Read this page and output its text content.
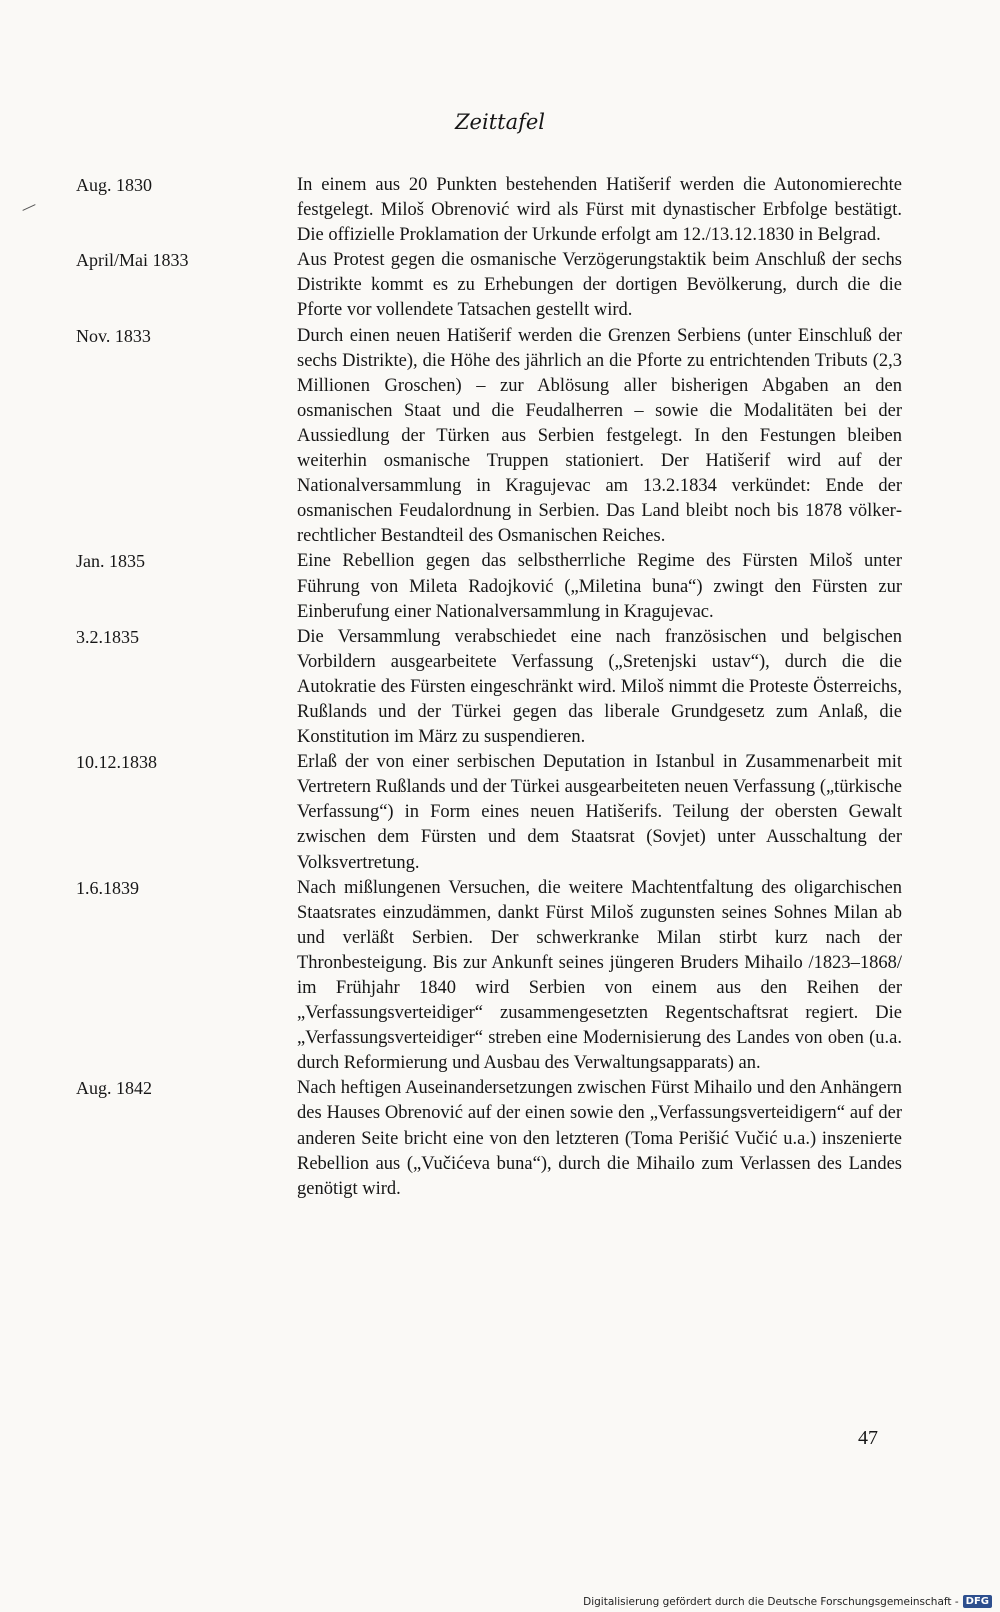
Zeittafel
Aug. 1830	In einem aus 20 Punkten bestehenden Hatišerif werden die Autonomierechte festgelegt. Miloš Obrenović wird als Fürst mit dynastischer Erbfolge bestätigt. Die offizielle Proklamation der Urkunde erfolgt am 12./13.12.1830 in Belgrad.

April/Mai 1833	Aus Protest gegen die osmanische Verzögerungstaktik beim Anschluß der sechs Distrikte kommt es zu Erhebungen der dortigen Bevölkerung, durch die die Pforte vor vollendete Tatsachen gestellt wird.

Nov. 1833	Durch einen neuen Hatišerif werden die Grenzen Serbiens (unter Einschluß der sechs Distrikte), die Höhe des jährlich an die Pforte zu entrichtenden Tributs (2,3 Millionen Groschen) – zur Ablösung aller bisherigen Abgaben an den osmanischen Staat und die Feudalherren – sowie die Modalitäten bei der Aussiedlung der Türken aus Serbien festgelegt. In den Festungen bleiben weiterhin osmanische Truppen stationiert. Der Hatišerif wird auf der Nationalversammlung in Kragujevac am 13.2.1834 verkündet: Ende der osmanischen Feudalordnung in Serbien. Das Land bleibt noch bis 1878 völkerrechtlicher Bestandteil des Osmanischen Reiches.

Jan. 1835	Eine Rebellion gegen das selbstherrliche Regime des Fürsten Miloš unter Führung von Mileta Radojković („Miletina buna“) zwingt den Fürsten zur Einberufung einer Nationalversammlung in Kragujevac.

3.2.1835	Die Versammlung verabschiedet eine nach französischen und belgischen Vorbildern ausgearbeitete Verfassung („Sretenjski ustav“), durch die die Autokratie des Fürsten eingeschränkt wird. Miloš nimmt die Proteste Österreichs, Rußlands und der Türkei gegen das liberale Grundgesetz zum Anlaß, die Konstitution im März zu suspendieren.

10.12.1838	Erlaß der von einer serbischen Deputation in Istanbul in Zusammenarbeit mit Vertretern Rußlands und der Türkei ausgearbeiteten neuen Verfassung („türkische Verfassung“) in Form eines neuen Hatišerifs. Teilung der obersten Gewalt zwischen dem Fürsten und dem Staatsrat (Sovjet) unter Ausschaltung der Volksvertretung.

1.6.1839	Nach mißlungenen Versuchen, die weitere Machtentfaltung des oligarchischen Staatsrates einzudämmen, dankt Fürst Miloš zugunsten seines Sohnes Milan ab und verläßt Serbien. Der schwerkranke Milan stirbt kurz nach der Thronbesteigung. Bis zur Ankunft seines jüngeren Bruders Mihailo /1823–1868/ im Frühjahr 1840 wird Serbien von einem aus den Reihen der „Verfassungsverteidiger“ zusammengesetzten Regentschaftsrat regiert. Die „Verfassungsverteidiger“ streben eine Modernisierung des Landes von oben (u.a. durch Reformierung und Ausbau des Verwaltungsapparats) an.

Aug. 1842	Nach heftigen Auseinandersetzungen zwischen Fürst Mihailo und den Anhängern des Hauses Obrenović auf der einen sowie den „Verfassungsverteidigern“ auf der anderen Seite bricht eine von den letzteren (Toma Perišić Vučić u.a.) inszenierte Rebellion aus („Vučićeva buna“), durch die Mihailo zum Verlassen des Landes genötigt wird.

47
Digitalisierung gefördert durch die Deutsche Forschungsgemeinschaft - DFG
